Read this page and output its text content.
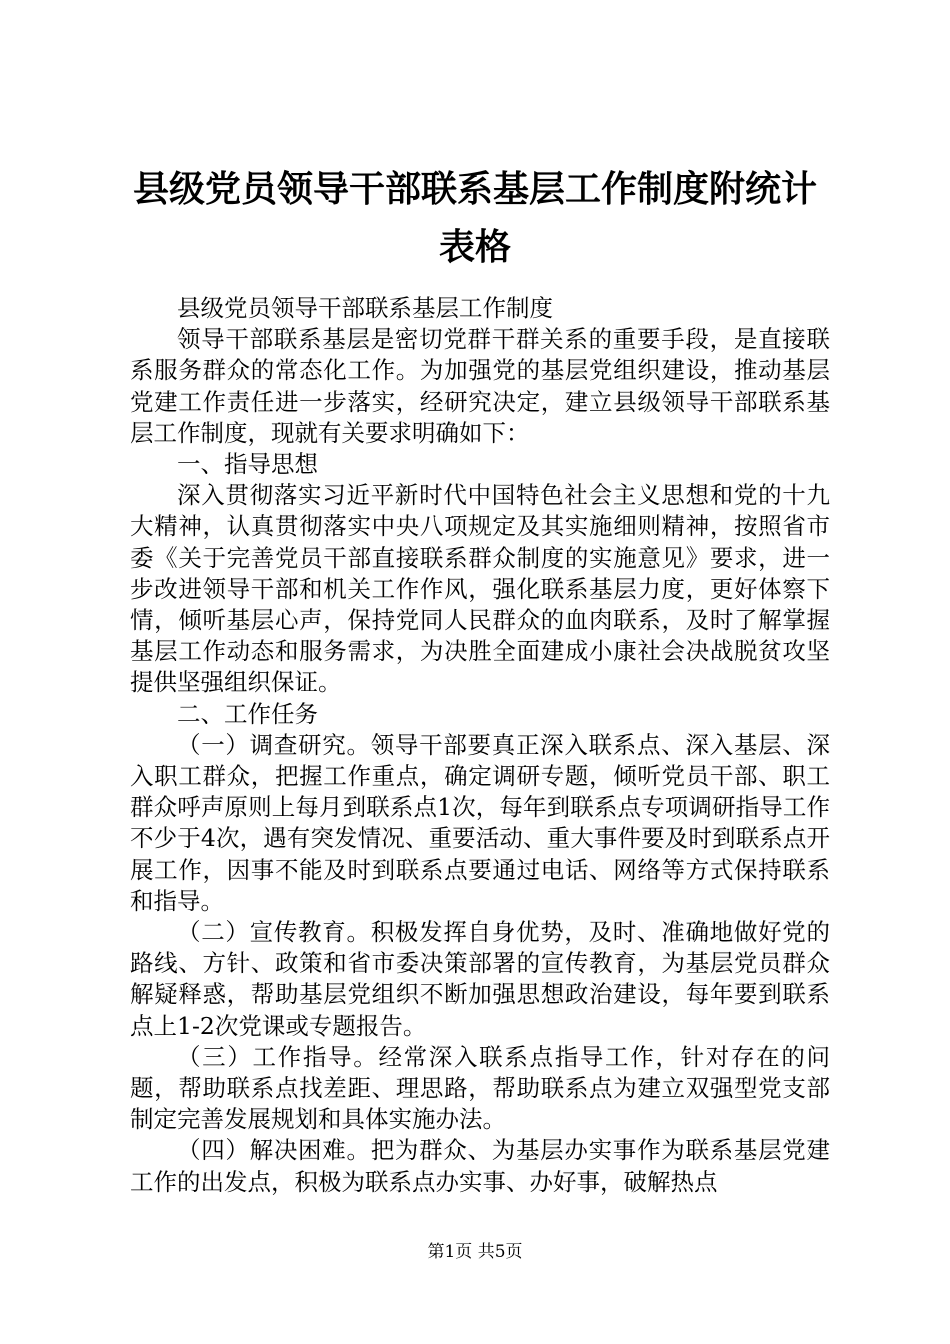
县级党员领导干部联系基层工作制度附统计表格

县级党员领导干部联系基层工作制度

领导干部联系基层是密切党群干群关系的重要手段，是直接联系服务群众的常态化工作。为加强党的基层党组织建设，推动基层党建工作责任进一步落实，经研究决定，建立县级领导干部联系基层工作制度，现就有关要求明确如下：

一、指导思想

深入贯彻落实习近平新时代中国特色社会主义思想和党的十九大精神，认真贯彻落实中央八项规定及其实施细则精神，按照省市委《关于完善党员干部直接联系群众制度的实施意见》要求，进一步改进领导干部和机关工作作风，强化联系基层力度，更好体察下情，倾听基层心声，保持党同人民群众的血肉联系，及时了解掌握基层工作动态和服务需求，为决胜全面建成小康社会决战脱贫攻坚提供坚强组织保证。

二、工作任务

（一）调查研究。领导干部要真正深入联系点、深入基层、深入职工群众，把握工作重点，确定调研专题，倾听党员干部、职工群众呼声原则上每月到联系点1次，每年到联系点专项调研指导工作不少于4次，遇有突发情况、重要活动、重大事件要及时到联系点开展工作，因事不能及时到联系点要通过电话、网络等方式保持联系和指导。

（二）宣传教育。积极发挥自身优势，及时、准确地做好党的路线、方针、政策和省市委决策部署的宣传教育，为基层党员群众解疑释惑，帮助基层党组织不断加强思想政治建设，每年要到联系点上1-2次党课或专题报告。

（三）工作指导。经常深入联系点指导工作，针对存在的问题，帮助联系点找差距、理思路，帮助联系点为建立双强型党支部制定完善发展规划和具体实施办法。

（四）解决困难。把为群众、为基层办实事作为联系基层党建工作的出发点，积极为联系点办实事、办好事，破解热点

第1页 共5页
